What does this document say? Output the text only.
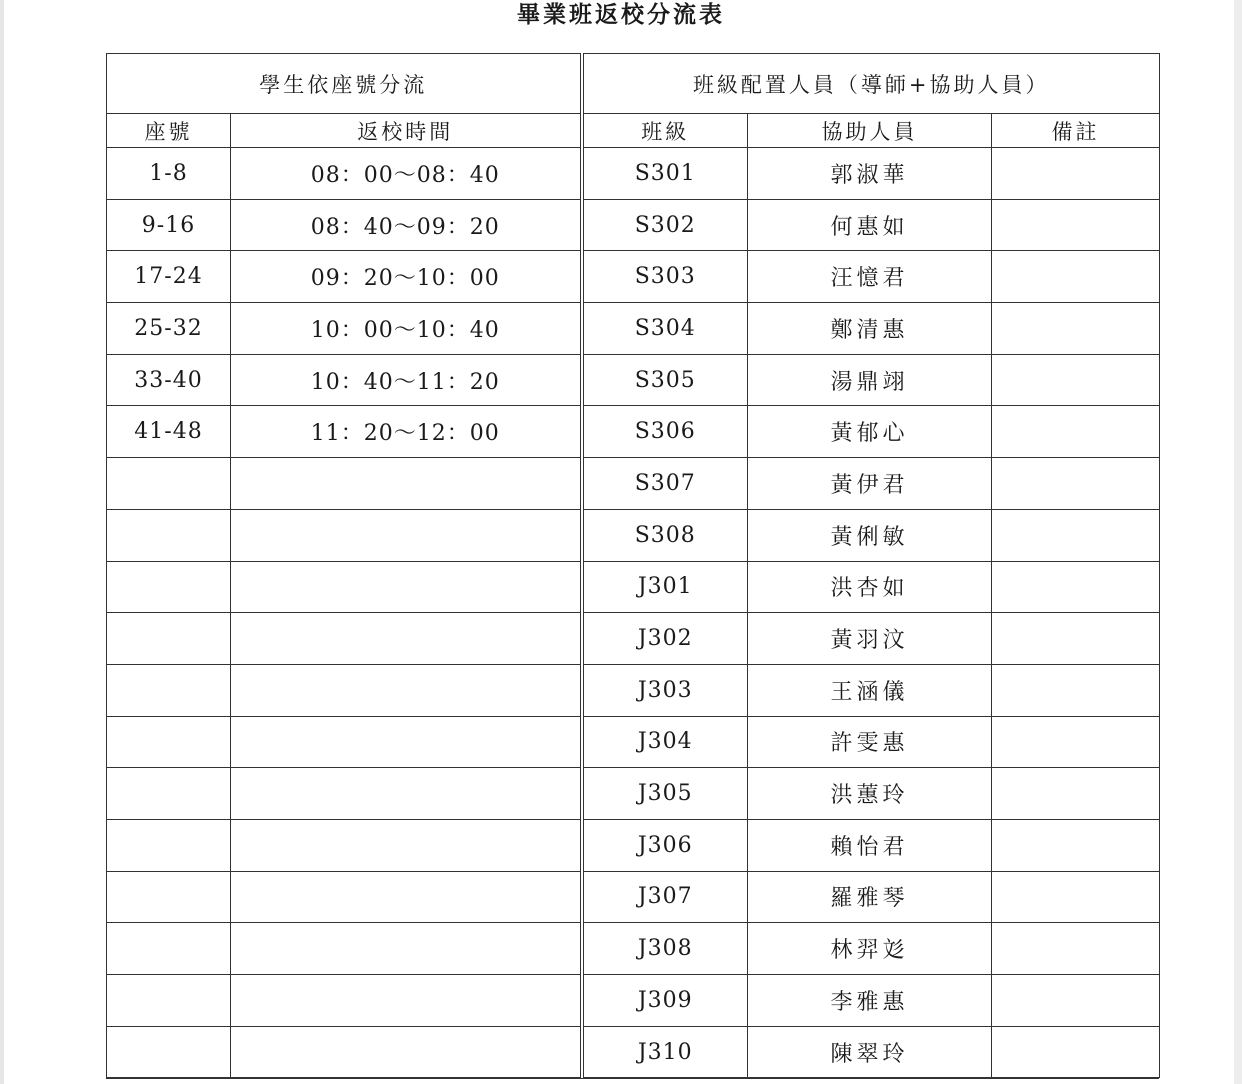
畢業班返校分流表
學生依座號分流		班級配置人員（導師+協助人員）		
座號	返校時間	班級	協助人員	備註
1-8	08：00～08：40	S301	郭淑華	
9-16	08：40～09：20	S302	何惠如	
17-24	09：20～10：00	S303	汪憶君	
25-32	10：00～10：40	S304	鄭清惠	
33-40	10：40～11：20	S305	湯鼎翊	
41-48	11：20～12：00	S306	黃郁心	
		S307	黃伊君	
		S308	黃俐敏	
		J301	洪杏如	
		J302	黃羽汶	
		J303	王涵儀	
		J304	許雯惠	
		J305	洪蕙玲	
		J306	賴怡君	
		J307	羅雅琴	
		J308	林羿彣	
		J309	李雅惠	
		J310	陳翠玲	
